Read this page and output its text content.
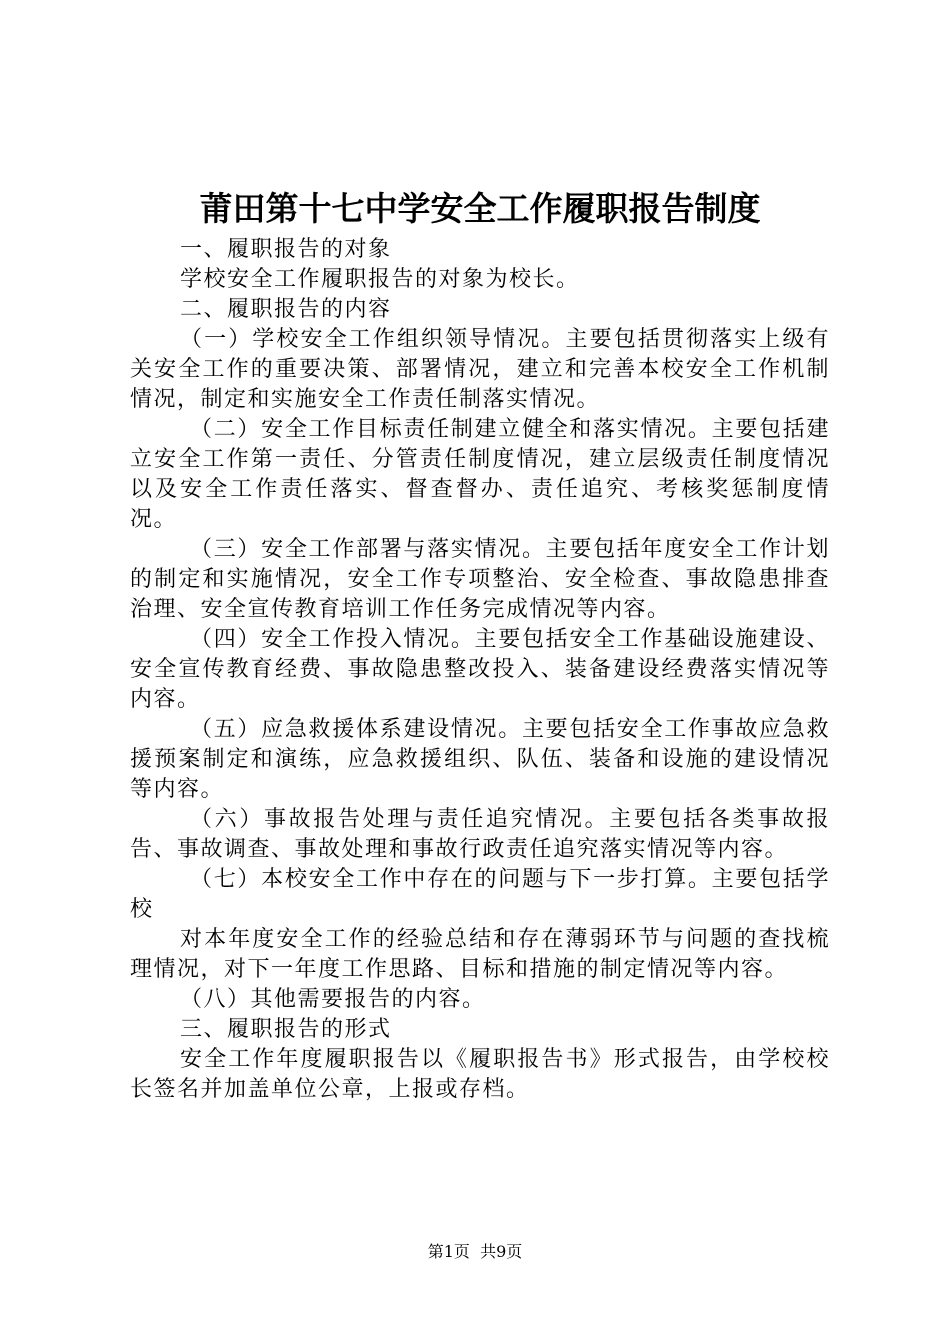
莆田第十七中学安全工作履职报告制度

一、履职报告的对象

学校安全工作履职报告的对象为校长。

二、履职报告的内容

（一）学校安全工作组织领导情况。主要包括贯彻落实上级有关安全工作的重要决策、部署情况，建立和完善本校安全工作机制情况，制定和实施安全工作责任制落实情况。

（二）安全工作目标责任制建立健全和落实情况。主要包括建立安全工作第一责任、分管责任制度情况，建立层级责任制度情况以及安全工作责任落实、督查督办、责任追究、考核奖惩制度情况。

（三）安全工作部署与落实情况。主要包括年度安全工作计划的制定和实施情况，安全工作专项整治、安全检查、事故隐患排查治理、安全宣传教育培训工作任务完成情况等内容。

（四）安全工作投入情况。主要包括安全工作基础设施建设、安全宣传教育经费、事故隐患整改投入、装备建设经费落实情况等内容。

（五）应急救援体系建设情况。主要包括安全工作事故应急救援预案制定和演练，应急救援组织、队伍、装备和设施的建设情况等内容。

（六）事故报告处理与责任追究情况。主要包括各类事故报告、事故调查、事故处理和事故行政责任追究落实情况等内容。

（七）本校安全工作中存在的问题与下一步打算。主要包括学校

对本年度安全工作的经验总结和存在薄弱环节与问题的查找梳理情况，对下一年度工作思路、目标和措施的制定情况等内容。

（八）其他需要报告的内容。

三、履职报告的形式

安全工作年度履职报告以《履职报告书》形式报告，由学校校长签名并加盖单位公章，上报或存档。

第1页  共9页
